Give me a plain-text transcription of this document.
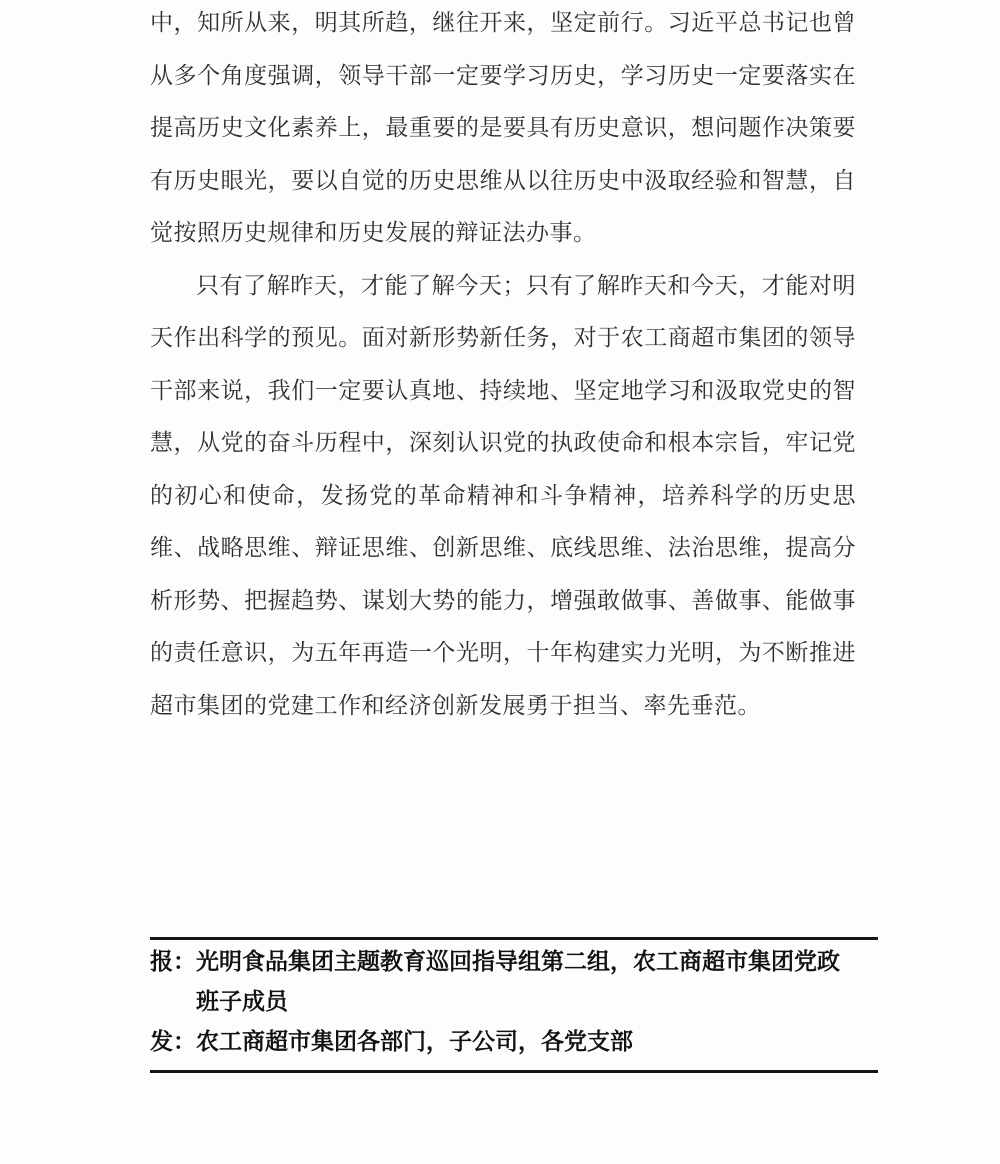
中，知所从来，明其所趋，继往开来，坚定前行。习近平总书记也曾从多个角度强调，领导干部一定要学习历史，学习历史一定要落实在提高历史文化素养上，最重要的是要具有历史意识，想问题作决策要有历史眼光，要以自觉的历史思维从以往历史中汲取经验和智慧，自觉按照历史规律和历史发展的辩证法办事。

只有了解昨天，才能了解今天；只有了解昨天和今天，才能对明天作出科学的预见。面对新形势新任务，对于农工商超市集团的领导干部来说，我们一定要认真地、持续地、坚定地学习和汲取党史的智慧，从党的奋斗历程中，深刻认识党的执政使命和根本宗旨，牢记党的初心和使命，发扬党的革命精神和斗争精神，培养科学的历史思维、战略思维、辩证思维、创新思维、底线思维、法治思维，提高分析形势、把握趋势、谋划大势的能力，增强敢做事、善做事、能做事的责任意识，为五年再造一个光明，十年构建实力光明，为不断推进超市集团的党建工作和经济创新发展勇于担当、率先垂范。

报：光明食品集团主题教育巡回指导组第二组，农工商超市集团党政班子成员

发：农工商超市集团各部门，子公司，各党支部
